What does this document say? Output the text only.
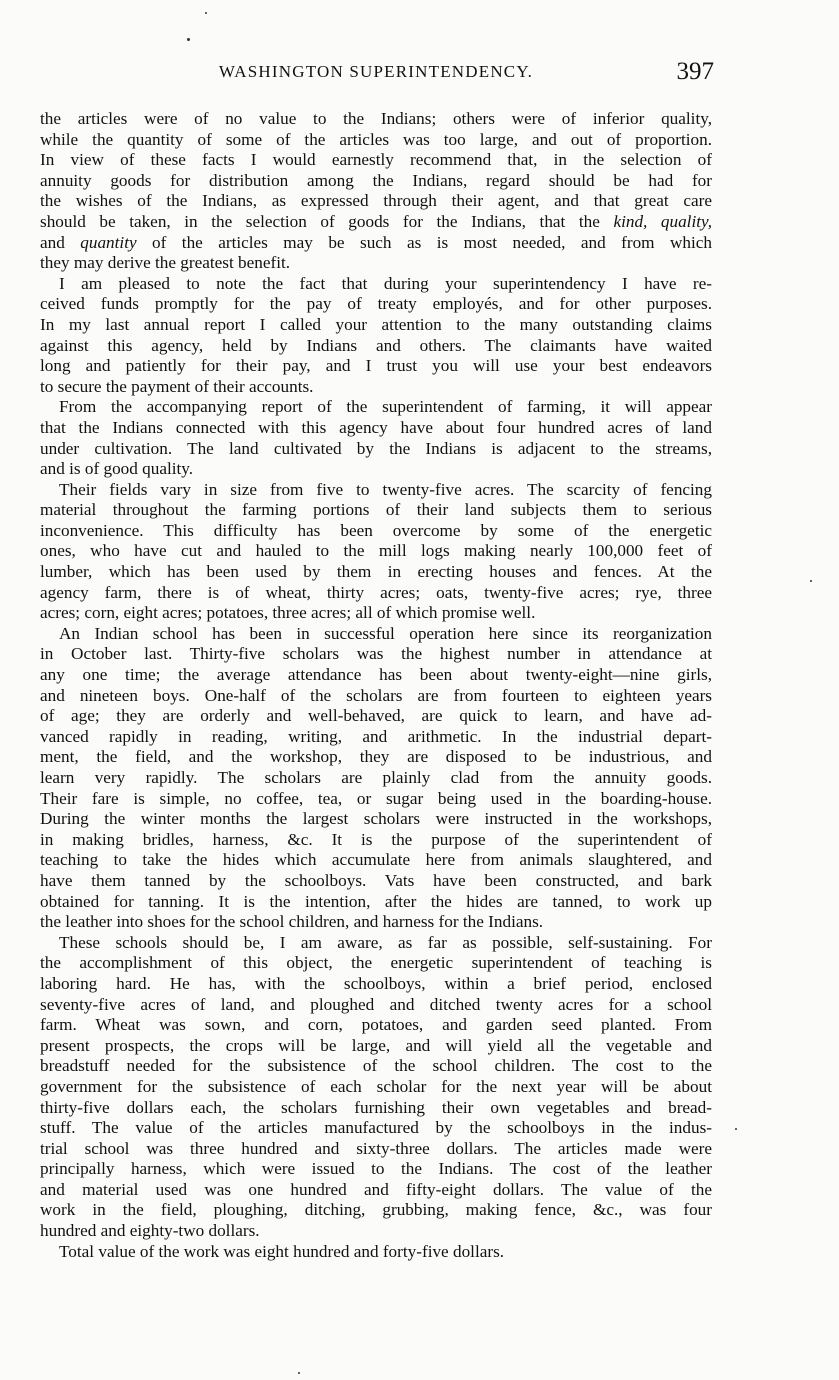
WASHINGTON SUPERINTENDENCY.	397
the articles were of no value to the Indians; others were of inferior quality,
while the quantity of some of the articles was too large, and out of proportion.
In view of these facts I would earnestly recommend that, in the selection of
annuity goods for distribution among the Indians, regard should be had for
the wishes of the Indians, as expressed through their agent, and that great care
should be taken, in the selection of goods for the Indians, that the kind, quality,
and quantity of the articles may be such as is most needed, and from which
they may derive the greatest benefit.
I am pleased to note the fact that during your superintendency I have re-
ceived funds promptly for the pay of treaty employés, and for other purposes.
In my last annual report I called your attention to the many outstanding claims
against this agency, held by Indians and others. The claimants have waited
long and patiently for their pay, and I trust you will use your best endeavors
to secure the payment of their accounts.
From the accompanying report of the superintendent of farming, it will appear
that the Indians connected with this agency have about four hundred acres of land
under cultivation. The land cultivated by the Indians is adjacent to the streams,
and is of good quality.
Their fields vary in size from five to twenty-five acres. The scarcity of fencing
material throughout the farming portions of their land subjects them to serious
inconvenience. This difficulty has been overcome by some of the energetic
ones, who have cut and hauled to the mill logs making nearly 100,000 feet of
lumber, which has been used by them in erecting houses and fences. At the
agency farm, there is of wheat, thirty acres; oats, twenty-five acres; rye, three
acres; corn, eight acres; potatoes, three acres; all of which promise well.
An Indian school has been in successful operation here since its reorganization
in October last. Thirty-five scholars was the highest number in attendance at
any one time; the average attendance has been about twenty-eight—nine girls,
and nineteen boys. One-half of the scholars are from fourteen to eighteen years
of age; they are orderly and well-behaved, are quick to learn, and have ad-
vanced rapidly in reading, writing, and arithmetic. In the industrial depart-
ment, the field, and the workshop, they are disposed to be industrious, and
learn very rapidly. The scholars are plainly clad from the annuity goods.
Their fare is simple, no coffee, tea, or sugar being used in the boarding-house.
During the winter months the largest scholars were instructed in the workshops,
in making bridles, harness, &c. It is the purpose of the superintendent of
teaching to take the hides which accumulate here from animals slaughtered, and
have them tanned by the schoolboys. Vats have been constructed, and bark
obtained for tanning. It is the intention, after the hides are tanned, to work up
the leather into shoes for the school children, and harness for the Indians.
These schools should be, I am aware, as far as possible, self-sustaining. For
the accomplishment of this object, the energetic superintendent of teaching is
laboring hard. He has, with the schoolboys, within a brief period, enclosed
seventy-five acres of land, and ploughed and ditched twenty acres for a school
farm. Wheat was sown, and corn, potatoes, and garden seed planted. From
present prospects, the crops will be large, and will yield all the vegetable and
breadstuff needed for the subsistence of the school children. The cost to the
government for the subsistence of each scholar for the next year will be about
thirty-five dollars each, the scholars furnishing their own vegetables and bread-
stuff. The value of the articles manufactured by the schoolboys in the indus-
trial school was three hundred and sixty-three dollars. The articles made were
principally harness, which were issued to the Indians. The cost of the leather
and material used was one hundred and fifty-eight dollars. The value of the
work in the field, ploughing, ditching, grubbing, making fence, &c., was four
hundred and eighty-two dollars.
Total value of the work was eight hundred and forty-five dollars.
